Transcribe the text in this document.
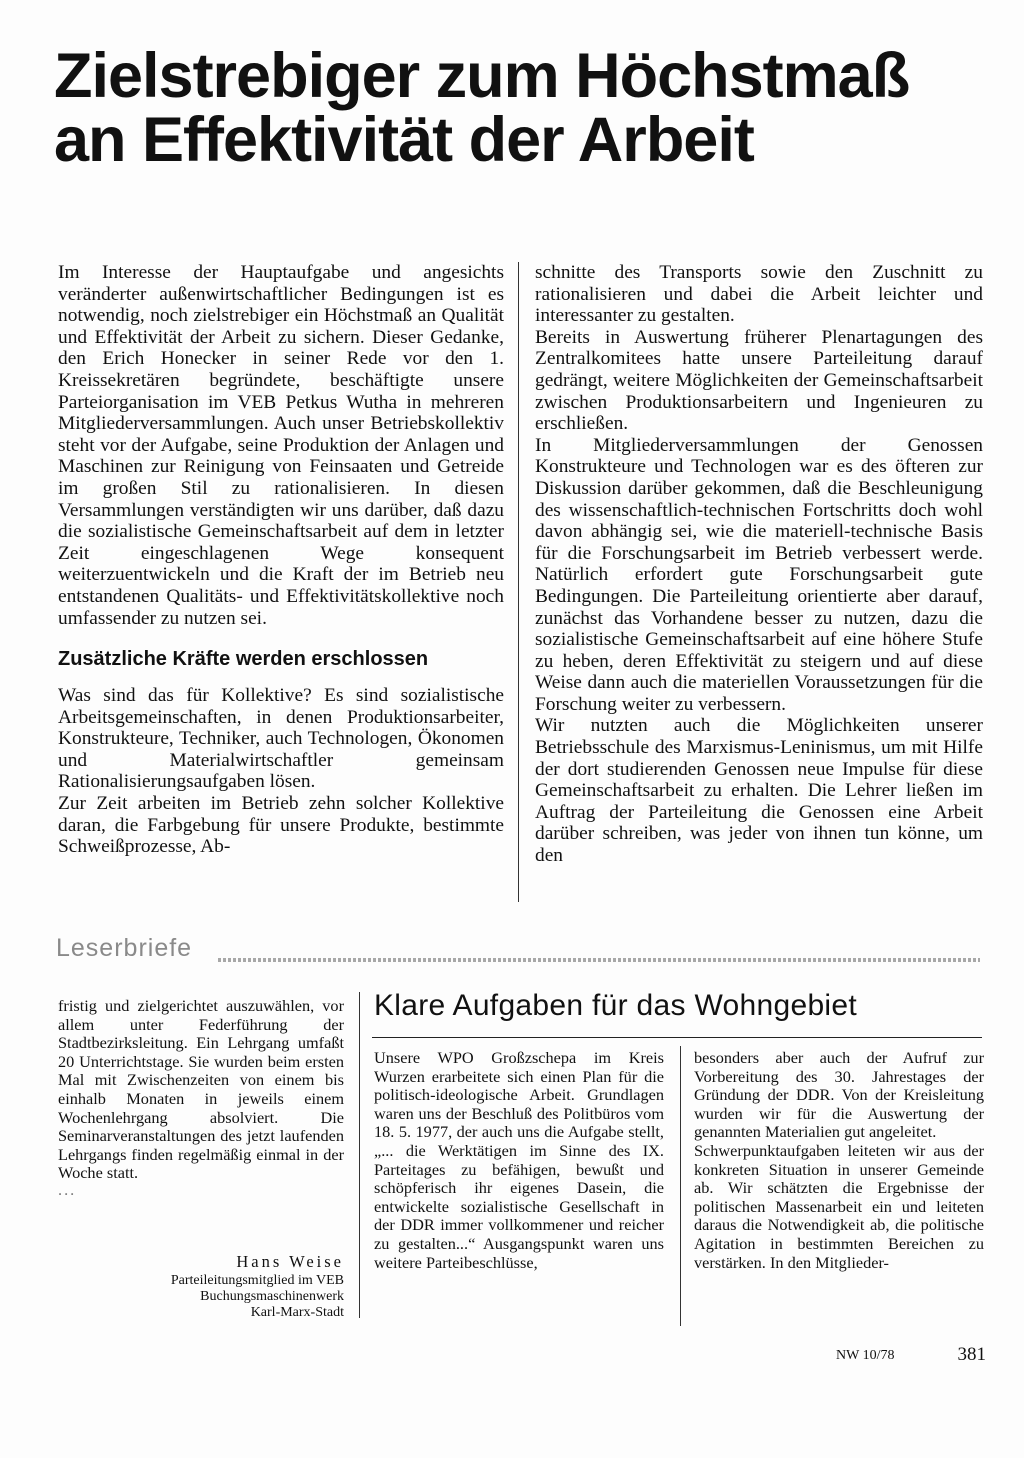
Zielstrebiger zum Höchstmaß
an Effektivität der Arbeit

Im Interesse der Hauptaufgabe und angesichts veränderter außenwirtschaftlicher Bedingungen ist es notwendig, noch zielstrebiger ein Höchstmaß an Qualität und Effektivität der Arbeit zu sichern. Dieser Gedanke, den Erich Honecker in seiner Rede vor den 1. Kreissekretären begründete, beschäftigte unsere Parteiorganisation im VEB Petkus Wutha in mehreren Mitgliederversammlungen. Auch unser Betriebskollektiv steht vor der Aufgabe, seine Produktion der Anlagen und Maschinen zur Reinigung von Feinsaaten und Getreide im großen Stil zu rationalisieren. In diesen Versammlungen verständigten wir uns darüber, daß dazu die sozialistische Gemeinschaftsarbeit auf dem in letzter Zeit eingeschlagenen Wege konsequent weiterzuentwickeln und die Kraft der im Betrieb neu entstandenen Qualitäts- und Effektivitätskollektive noch umfassender zu nutzen sei.

Zusätzliche Kräfte werden erschlossen

Was sind das für Kollektive? Es sind sozialistische Arbeitsgemeinschaften, in denen Produktionsarbeiter, Konstrukteure, Techniker, auch Technologen, Ökonomen und Materialwirtschaftler gemeinsam Rationalisierungsaufgaben lösen.

Zur Zeit arbeiten im Betrieb zehn solcher Kollektive daran, die Farbgebung für unsere Produkte, bestimmte Schweißprozesse, Ab-

schnitte des Transports sowie den Zuschnitt zu rationalisieren und dabei die Arbeit leichter und interessanter zu gestalten.

Bereits in Auswertung früherer Plenartagungen des Zentralkomitees hatte unsere Parteileitung darauf gedrängt, weitere Möglichkeiten der Gemeinschaftsarbeit zwischen Produktionsarbeitern und Ingenieuren zu erschließen.

In Mitgliederversammlungen der Genossen Konstrukteure und Technologen war es des öfteren zur Diskussion darüber gekommen, daß die Beschleunigung des wissenschaftlich-technischen Fortschritts doch wohl davon abhängig sei, wie die materiell-technische Basis für die Forschungsarbeit im Betrieb verbessert werde. Natürlich erfordert gute Forschungsarbeit gute Bedingungen. Die Parteileitung orientierte aber darauf, zunächst das Vorhandene besser zu nutzen, dazu die sozialistische Gemeinschaftsarbeit auf eine höhere Stufe zu heben, deren Effektivität zu steigern und auf diese Weise dann auch die materiellen Voraussetzungen für die Forschung weiter zu verbessern.

Wir nutzten auch die Möglichkeiten unserer Betriebsschule des Marxismus-Leninismus, um mit Hilfe der dort studierenden Genossen neue Impulse für diese Gemeinschaftsarbeit zu erhalten. Die Lehrer ließen im Auftrag der Parteileitung die Genossen eine Arbeit darüber schreiben, was jeder von ihnen tun könne, um den

Leserbriefe

fristig und zielgerichtet auszuwählen, vor allem unter Federführung der Stadtbezirksleitung. Ein Lehrgang umfaßt 20 Unterrichtstage. Sie wurden beim ersten Mal mit Zwischenzeiten von einem bis einhalb Monaten in jeweils einem Wochenlehrgang absolviert. Die Seminarveranstaltungen des jetzt laufenden Lehrgangs finden regelmäßig einmal in der Woche statt.

...

Hans Weise
Parteileitungsmitglied im VEB
Buchungsmaschinenwerk
Karl-Marx-Stadt
Klare Aufgaben für das Wohngebiet

Unsere WPO Großzschepa im Kreis Wurzen erarbeitete sich einen Plan für die politisch-ideologische Arbeit. Grundlagen waren uns der Beschluß des Politbüros vom 18. 5. 1977, der auch uns die Aufgabe stellt, „... die Werktätigen im Sinne des IX. Parteitages zu befähigen, bewußt und schöpferisch ihr eigenes Dasein, die entwickelte sozialistische Gesellschaft in der DDR immer vollkommener und reicher zu gestalten...“ Ausgangspunkt waren uns weitere Parteibeschlüsse,

besonders aber auch der Aufruf zur Vorbereitung des 30. Jahrestages der Gründung der DDR. Von der Kreisleitung wurden wir für die Auswertung der genannten Materialien gut angeleitet.

Schwerpunktaufgaben leiteten wir aus der konkreten Situation in unserer Gemeinde ab. Wir schätzten die Ergebnisse der politischen Massenarbeit ein und leiteten daraus die Notwendigkeit ab, die politische Agitation in bestimmten Bereichen zu verstärken. In den Mitglieder-

NW 10/78	381
